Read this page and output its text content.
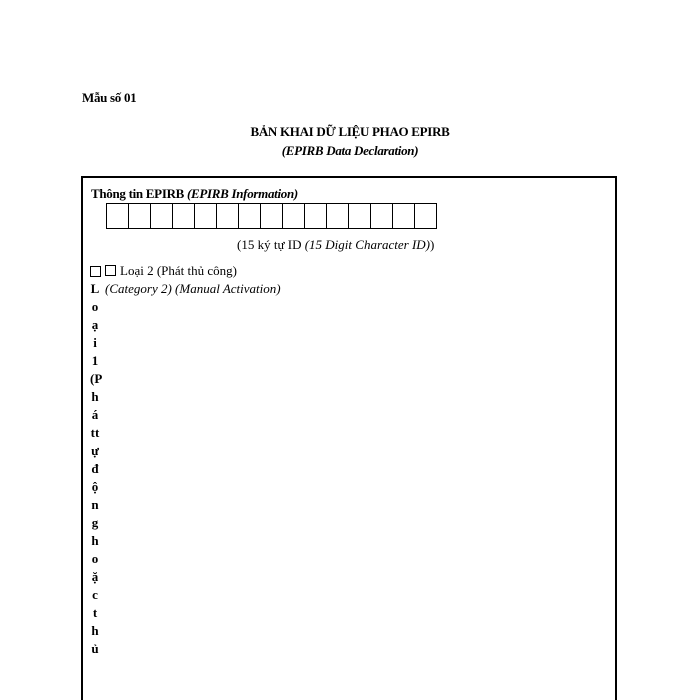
Mẫu số 01
BẢN KHAI DỮ LIỆU PHAO EPIRB
(EPIRB Data Declaration)
Thông tin EPIRB (EPIRB Information)
(15 ký tự ID (15 Digit Character ID))
Loại1(Pháttựđộnghoặcthủ
Loại 2 (Phát thủ công)
(Category 2) (Manual Activation)
